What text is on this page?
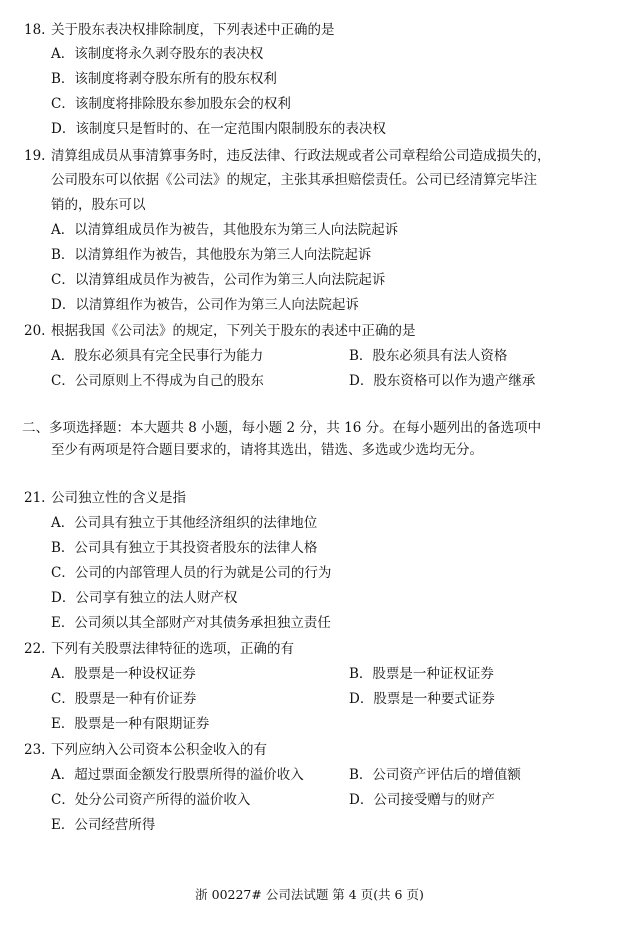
18. 关于股东表决权排除制度，下列表述中正确的是
A．该制度将永久剥夺股东的表决权
B．该制度将剥夺股东所有的股东权利
C．该制度将排除股东参加股东会的权利
D．该制度只是暂时的、在一定范围内限制股东的表决权
19. 清算组成员从事清算事务时，违反法律、行政法规或者公司章程给公司造成损失的，
公司股东可以依据《公司法》的规定，主张其承担赔偿责任。公司已经清算完毕注
销的，股东可以
A．以清算组成员作为被告，其他股东为第三人向法院起诉
B．以清算组作为被告，其他股东为第三人向法院起诉
C．以清算组成员作为被告，公司作为第三人向法院起诉
D．以清算组作为被告，公司作为第三人向法院起诉
20. 根据我国《公司法》的规定，下列关于股东的表述中正确的是
A．股东必须具有完全民事行为能力	B．股东必须具有法人资格
C．公司原则上不得成为自己的股东	D．股东资格可以作为遗产继承
二、多项选择题：本大题共 8 小题，每小题 2 分，共 16 分。在每小题列出的备选项中
至少有两项是符合题目要求的，请将其选出，错选、多选或少选均无分。
21. 公司独立性的含义是指
A．公司具有独立于其他经济组织的法律地位
B．公司具有独立于其投资者股东的法律人格
C．公司的内部管理人员的行为就是公司的行为
D．公司享有独立的法人财产权
E．公司须以其全部财产对其债务承担独立责任
22. 下列有关股票法律特征的选项，正确的有
A．股票是一种设权证券	B．股票是一种证权证券
C．股票是一种有价证券	D．股票是一种要式证券
E．股票是一种有限期证券
23. 下列应纳入公司资本公积金收入的有
A．超过票面金额发行股票所得的溢价收入	B．公司资产评估后的增值额
C．处分公司资产所得的溢价收入	D．公司接受赠与的财产
E．公司经营所得
浙 00227# 公司法试题 第 4 页(共 6 页)
